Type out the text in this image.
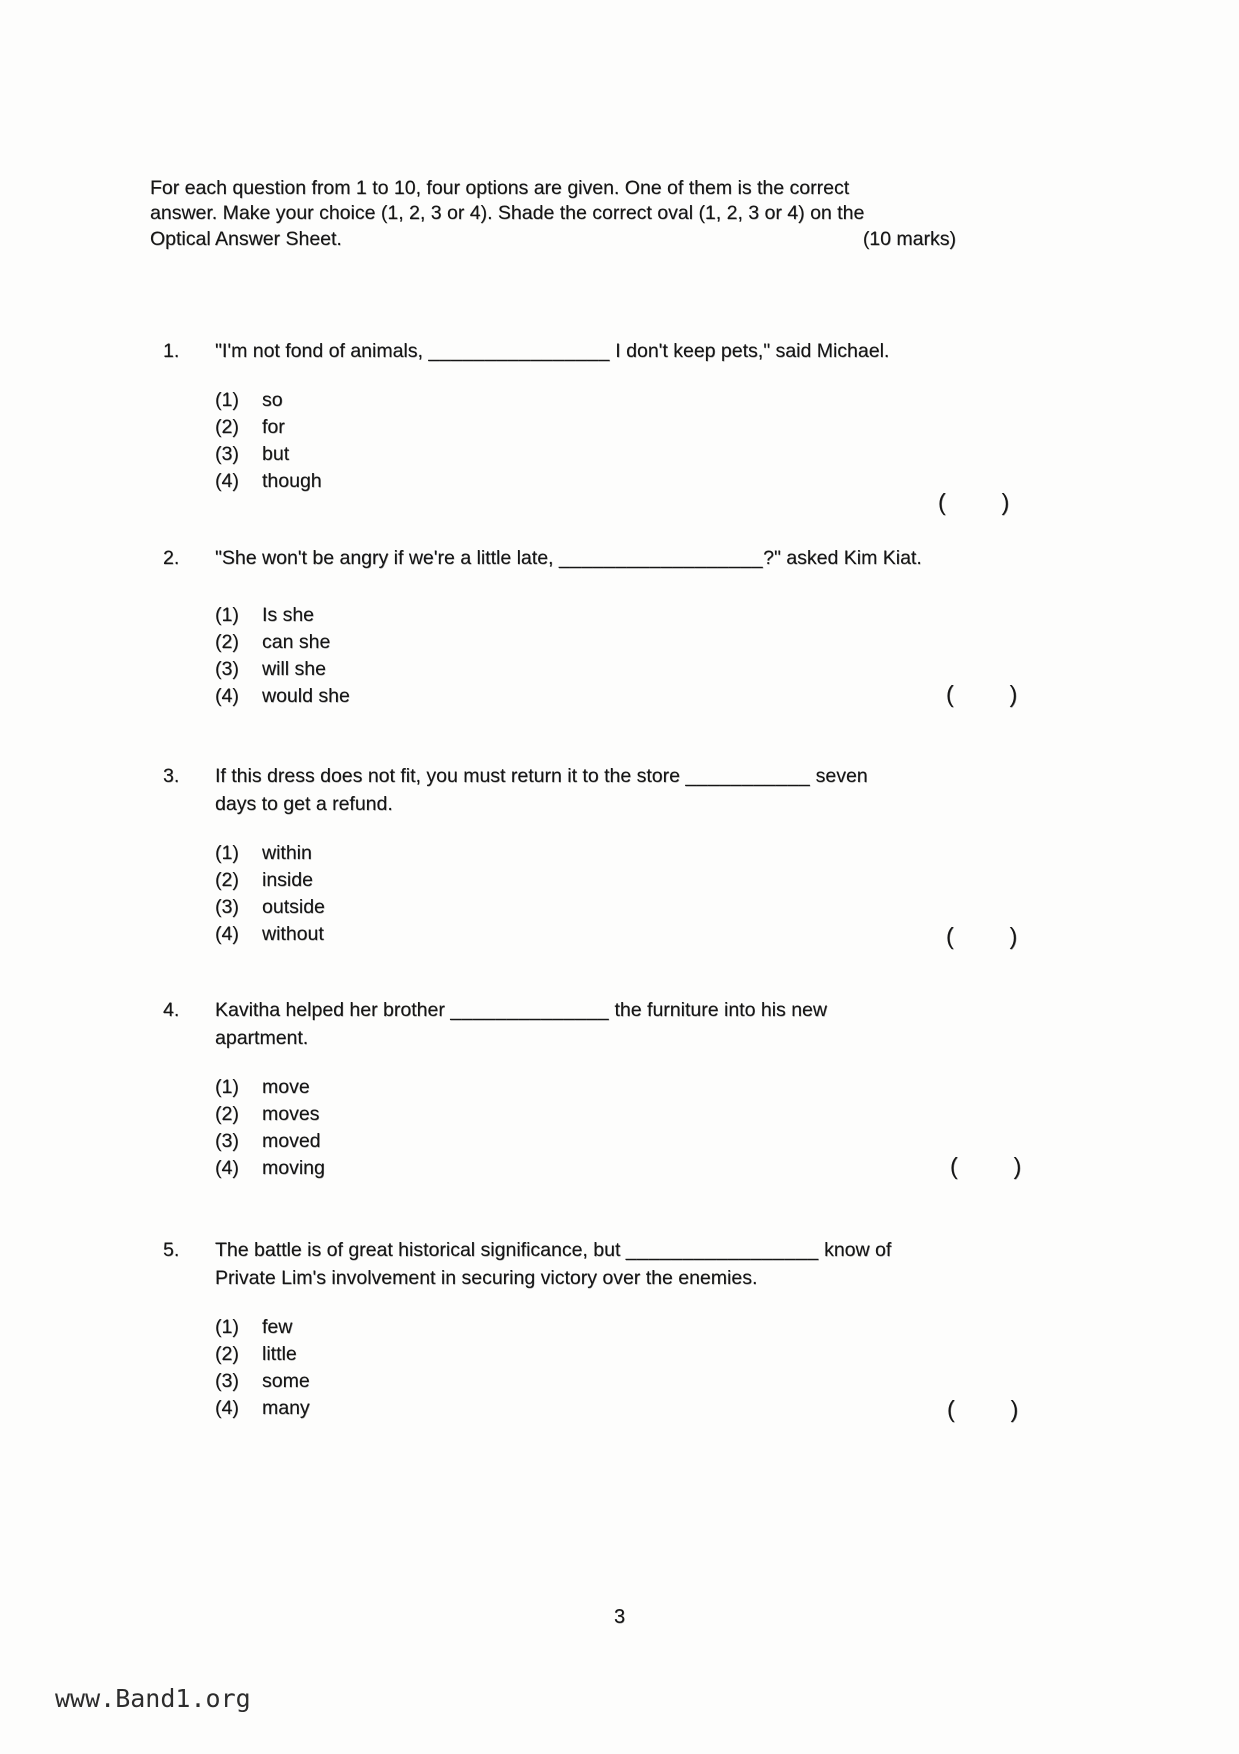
For each question from 1 to 10, four options are given. One of them is the correct
answer. Make your choice (1, 2, 3 or 4). Shade the correct oval (1, 2, 3 or 4) on the
Optical Answer Sheet.	(10 marks)
1.	"I'm not fond of animals, ________________ I don't keep pets," said Michael.
(1)	so
(2)	for
(3)	but
(4)	though
( )
2.	"She won't be angry if we're a little late, __________________?" asked Kim Kiat.
(1)	Is she
(2)	can she
(3)	will she
(4)	would she	( )
3.	If this dress does not fit, you must return it to the store ___________ seven
days to get a refund.
(1)	within
(2)	inside
(3)	outside
(4)	without	( )
4.	Kavitha helped her brother ______________ the furniture into his new
apartment.
(1)	move
(2)	moves
(3)	moved
(4)	moving	( )
5.	The battle is of great historical significance, but _________________ know of
Private Lim's involvement in securing victory over the enemies.
(1)	few
(2)	little
(3)	some
(4)	many	( )
3
www.Band1.org
